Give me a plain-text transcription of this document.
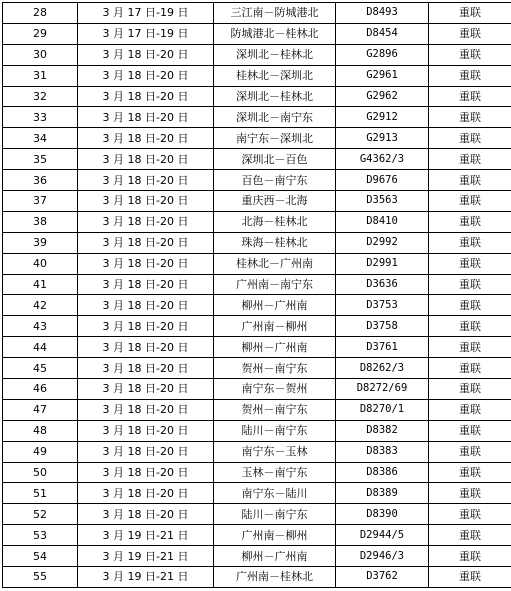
28	3 月 17 日-19 日	三江南－防城港北	D8493	重联
29	3 月 17 日-19 日	防城港北－桂林北	D8454	重联
30	3 月 18 日-20 日	深圳北－桂林北	G2896	重联
31	3 月 18 日-20 日	桂林北－深圳北	G2961	重联
32	3 月 18 日-20 日	深圳北－桂林北	G2962	重联
33	3 月 18 日-20 日	深圳北－南宁东	G2912	重联
34	3 月 18 日-20 日	南宁东－深圳北	G2913	重联
35	3 月 18 日-20 日	深圳北－百色	G4362/3	重联
36	3 月 18 日-20 日	百色－南宁东	D9676	重联
37	3 月 18 日-20 日	重庆西－北海	D3563	重联
38	3 月 18 日-20 日	北海－桂林北	D8410	重联
39	3 月 18 日-20 日	珠海－桂林北	D2992	重联
40	3 月 18 日-20 日	桂林北－广州南	D2991	重联
41	3 月 18 日-20 日	广州南－南宁东	D3636	重联
42	3 月 18 日-20 日	柳州－广州南	D3753	重联
43	3 月 18 日-20 日	广州南－柳州	D3758	重联
44	3 月 18 日-20 日	柳州－广州南	D3761	重联
45	3 月 18 日-20 日	贺州－南宁东	D8262/3	重联
46	3 月 18 日-20 日	南宁东－贺州	D8272/69	重联
47	3 月 18 日-20 日	贺州－南宁东	D8270/1	重联
48	3 月 18 日-20 日	陆川－南宁东	D8382	重联
49	3 月 18 日-20 日	南宁东－玉林	D8383	重联
50	3 月 18 日-20 日	玉林－南宁东	D8386	重联
51	3 月 18 日-20 日	南宁东－陆川	D8389	重联
52	3 月 18 日-20 日	陆川－南宁东	D8390	重联
53	3 月 19 日-21 日	广州南－柳州	D2944/5	重联
54	3 月 19 日-21 日	柳州－广州南	D2946/3	重联
55	3 月 19 日-21 日	广州南－桂林北	D3762	重联
